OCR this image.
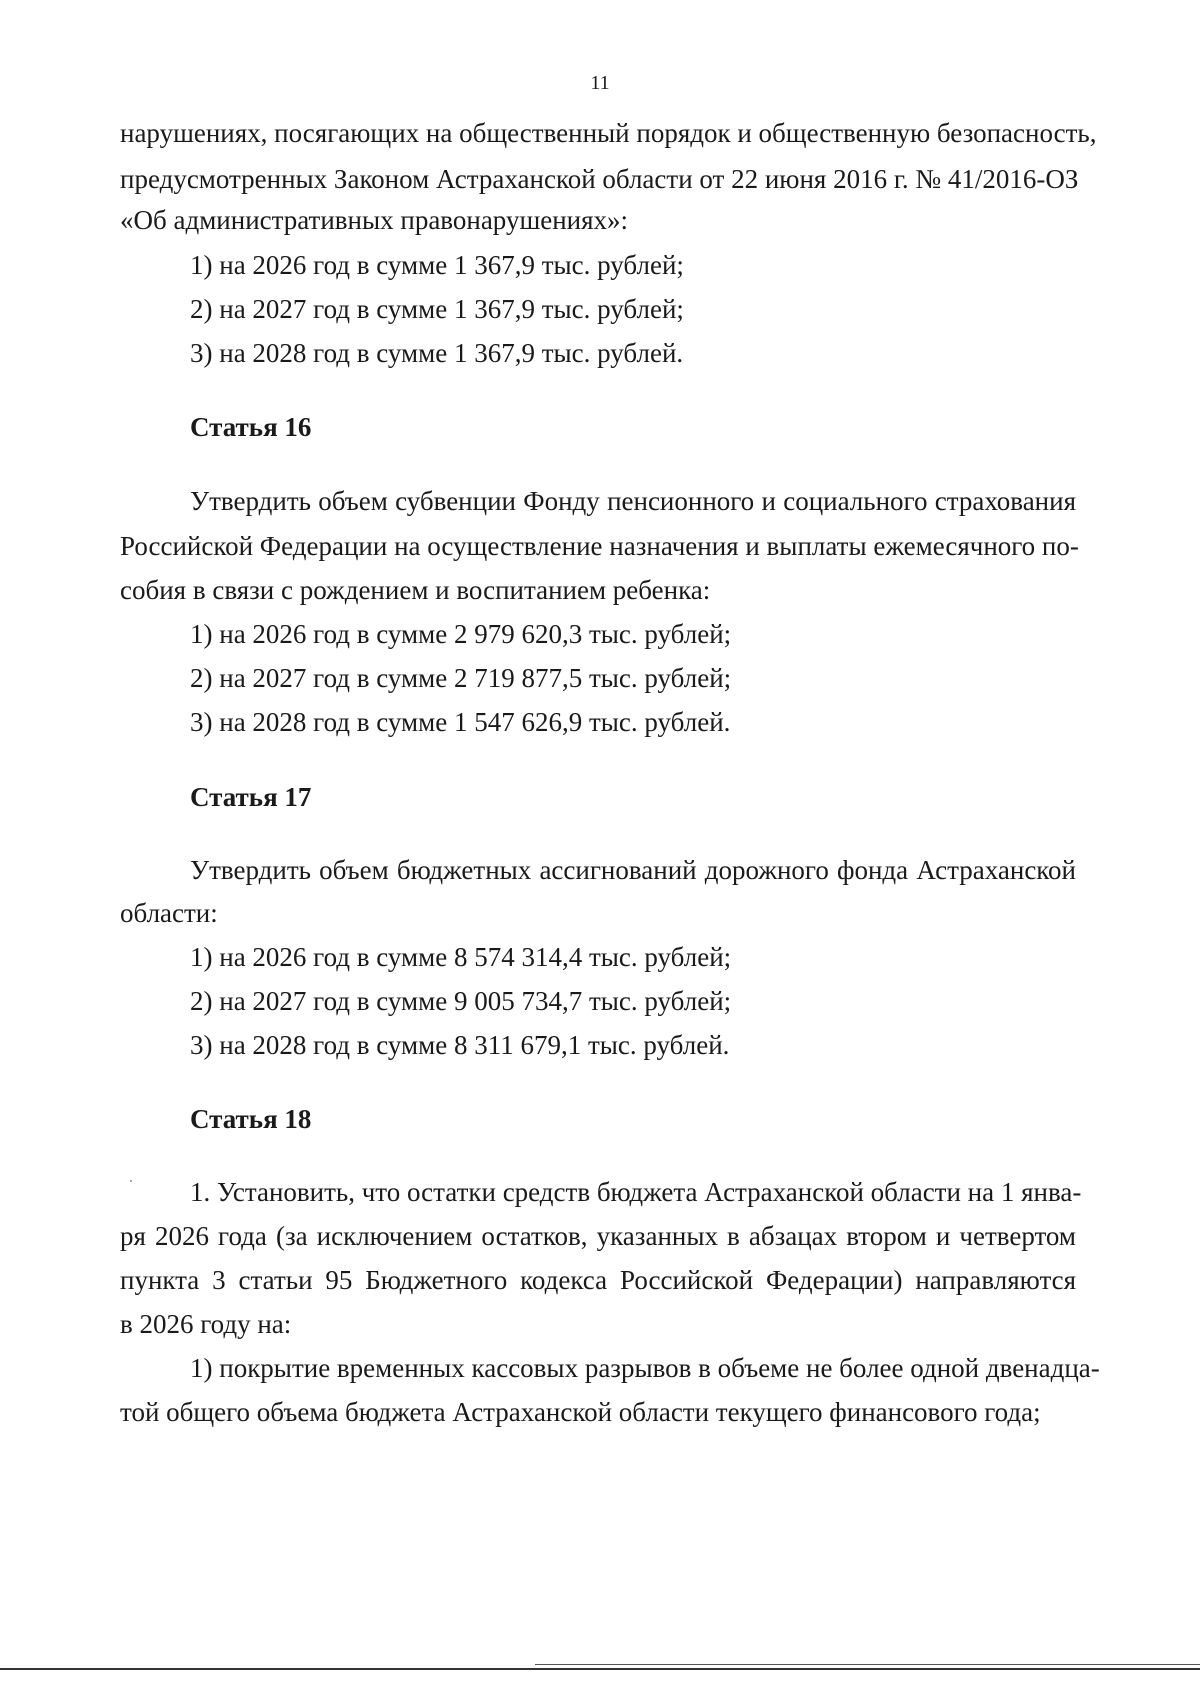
11
нарушениях, посягающих на общественный порядок и общественную безопасность,
предусмотренных Законом Астраханской области от 22 июня 2016 г. № 41/2016-ОЗ
«Об административных правонарушениях»:
1) на 2026 год в сумме 1 367,9 тыс. рублей;
2) на 2027 год в сумме 1 367,9 тыс. рублей;
3) на 2028 год в сумме 1 367,9 тыс. рублей.
Статья 16
Утвердить объем субвенции Фонду пенсионного и социального страхования
Российской Федерации на осуществление назначения и выплаты ежемесячного по-
собия в связи с рождением и воспитанием ребенка:
1) на 2026 год в сумме 2 979 620,3 тыс. рублей;
2) на 2027 год в сумме 2 719 877,5 тыс. рублей;
3) на 2028 год в сумме 1 547 626,9 тыс. рублей.
Статья 17
Утвердить объем бюджетных ассигнований дорожного фонда Астраханской
области:
1) на 2026 год в сумме 8 574 314,4 тыс. рублей;
2) на 2027 год в сумме 9 005 734,7 тыс. рублей;
3) на 2028 год в сумме 8 311 679,1 тыс. рублей.
Статья 18
1. Установить, что остатки средств бюджета Астраханской области на 1 янва-
ря 2026 года (за исключением остатков, указанных в абзацах втором и четвертом
пункта 3 статьи 95 Бюджетного кодекса Российской Федерации) направляются
в 2026 году на:
1) покрытие временных кассовых разрывов в объеме не более одной двенадца-
той общего объема бюджета Астраханской области текущего финансового года;
